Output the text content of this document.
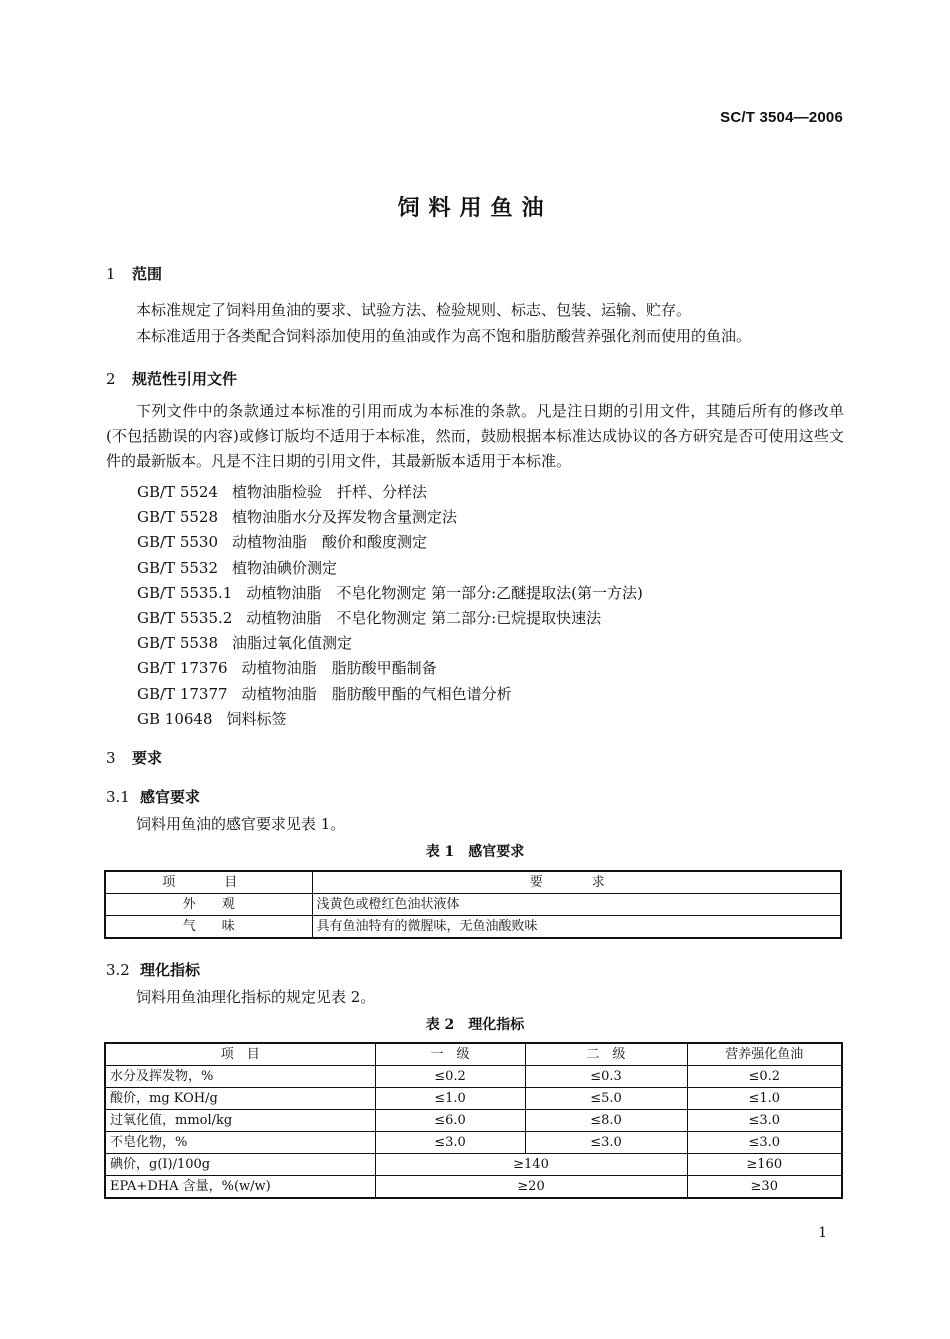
SC/T 3504—2006
饲料用鱼油
1 范围
本标准规定了饲料用鱼油的要求、试验方法、检验规则、标志、包装、运输、贮存。
本标准适用于各类配合饲料添加使用的鱼油或作为高不饱和脂肪酸营养强化剂而使用的鱼油。
2 规范性引用文件
下列文件中的条款通过本标准的引用而成为本标准的条款。凡是注日期的引用文件，其随后所有的修改单(不包括勘误的内容)或修订版均不适用于本标准，然而，鼓励根据本标准达成协议的各方研究是否可使用这些文件的最新版本。凡是不注日期的引用文件，其最新版本适用于本标准。
GB/T 5524 植物油脂检验　扦样、分样法
GB/T 5528 植物油脂水分及挥发物含量测定法
GB/T 5530 动植物油脂　酸价和酸度测定
GB/T 5532 植物油碘价测定
GB/T 5535.1 动植物油脂　不皂化物测定 第一部分:乙醚提取法(第一方法)
GB/T 5535.2 动植物油脂　不皂化物测定 第二部分:已烷提取快速法
GB/T 5538 油脂过氧化值测定
GB/T 17376 动植物油脂　脂肪酸甲酯制备
GB/T 17377 动植物油脂　脂肪酸甲酯的气相色谱分析
GB 10648 饲料标签
3 要求
3.1 感官要求
饲料用鱼油的感官要求见表 1。
表 1　感官要求
项　目	要　求
外　　观	浅黄色或橙红色油状液体
气　　味	具有鱼油特有的微腥味，无鱼油酸败味
3.2 理化指标
饲料用鱼油理化指标的规定见表 2。
表 2　理化指标
项　目	一　级	二　级	营养强化鱼油
水分及挥发物，%	≤0.2	≤0.3	≤0.2
酸价，mg KOH/g	≤1.0	≤5.0	≤1.0
过氧化值，mmol/kg	≤6.0	≤8.0	≤3.0
不皂化物，%	≤3.0	≤3.0	≤3.0
碘价，g(I)/100g	≥140		≥160
EPA+DHA 含量，%(w/w)	≥20		≥30
1
